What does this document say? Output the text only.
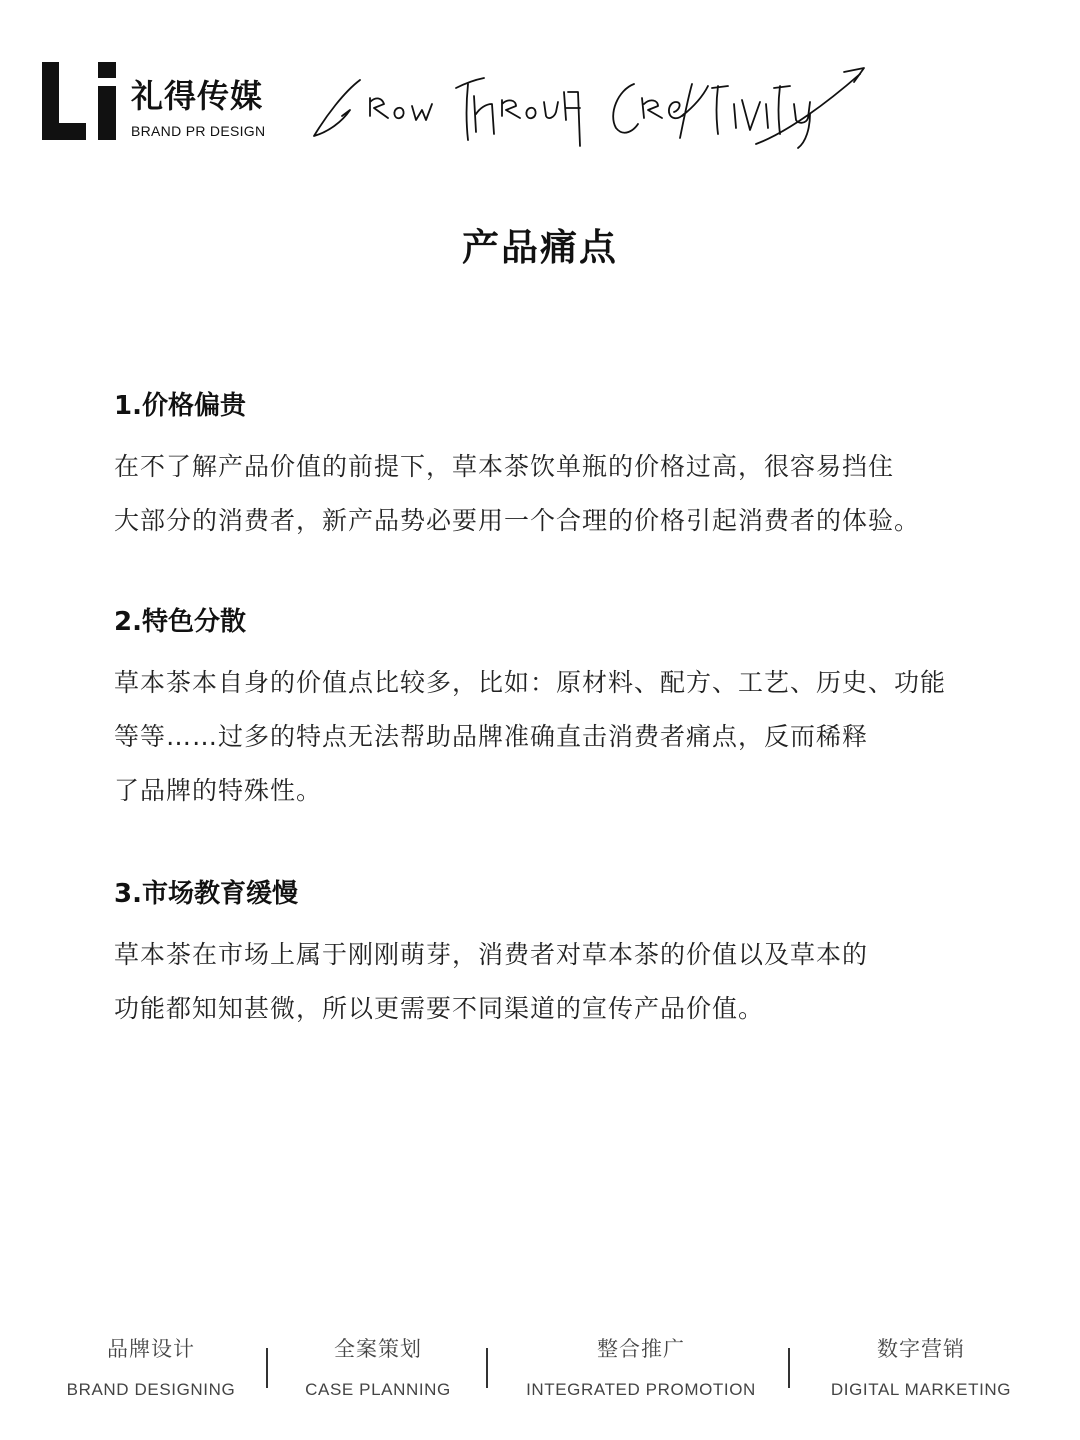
礼得传媒
BRAND PR DESIGN
产品痛点
1.价格偏贵

在不了解产品价值的前提下，草本茶饮单瓶的价格过高，很容易挡住
大部分的消费者，新产品势必要用一个合理的价格引起消费者的体验。

2.特色分散

草本茶本自身的价值点比较多，比如：原材料、配方、工艺、历史、功能
等等……过多的特点无法帮助品牌准确直击消费者痛点，反而稀释
了品牌的特殊性。

3.市场教育缓慢

草本茶在市场上属于刚刚萌芽，消费者对草本茶的价值以及草本的
功能都知知甚微，所以更需要不同渠道的宣传产品价值。

品牌设计
BRAND DESIGNING
全案策划
CASE PLANNING
整合推广
INTEGRATED PROMOTION
数字营销
DIGITAL MARKETING
